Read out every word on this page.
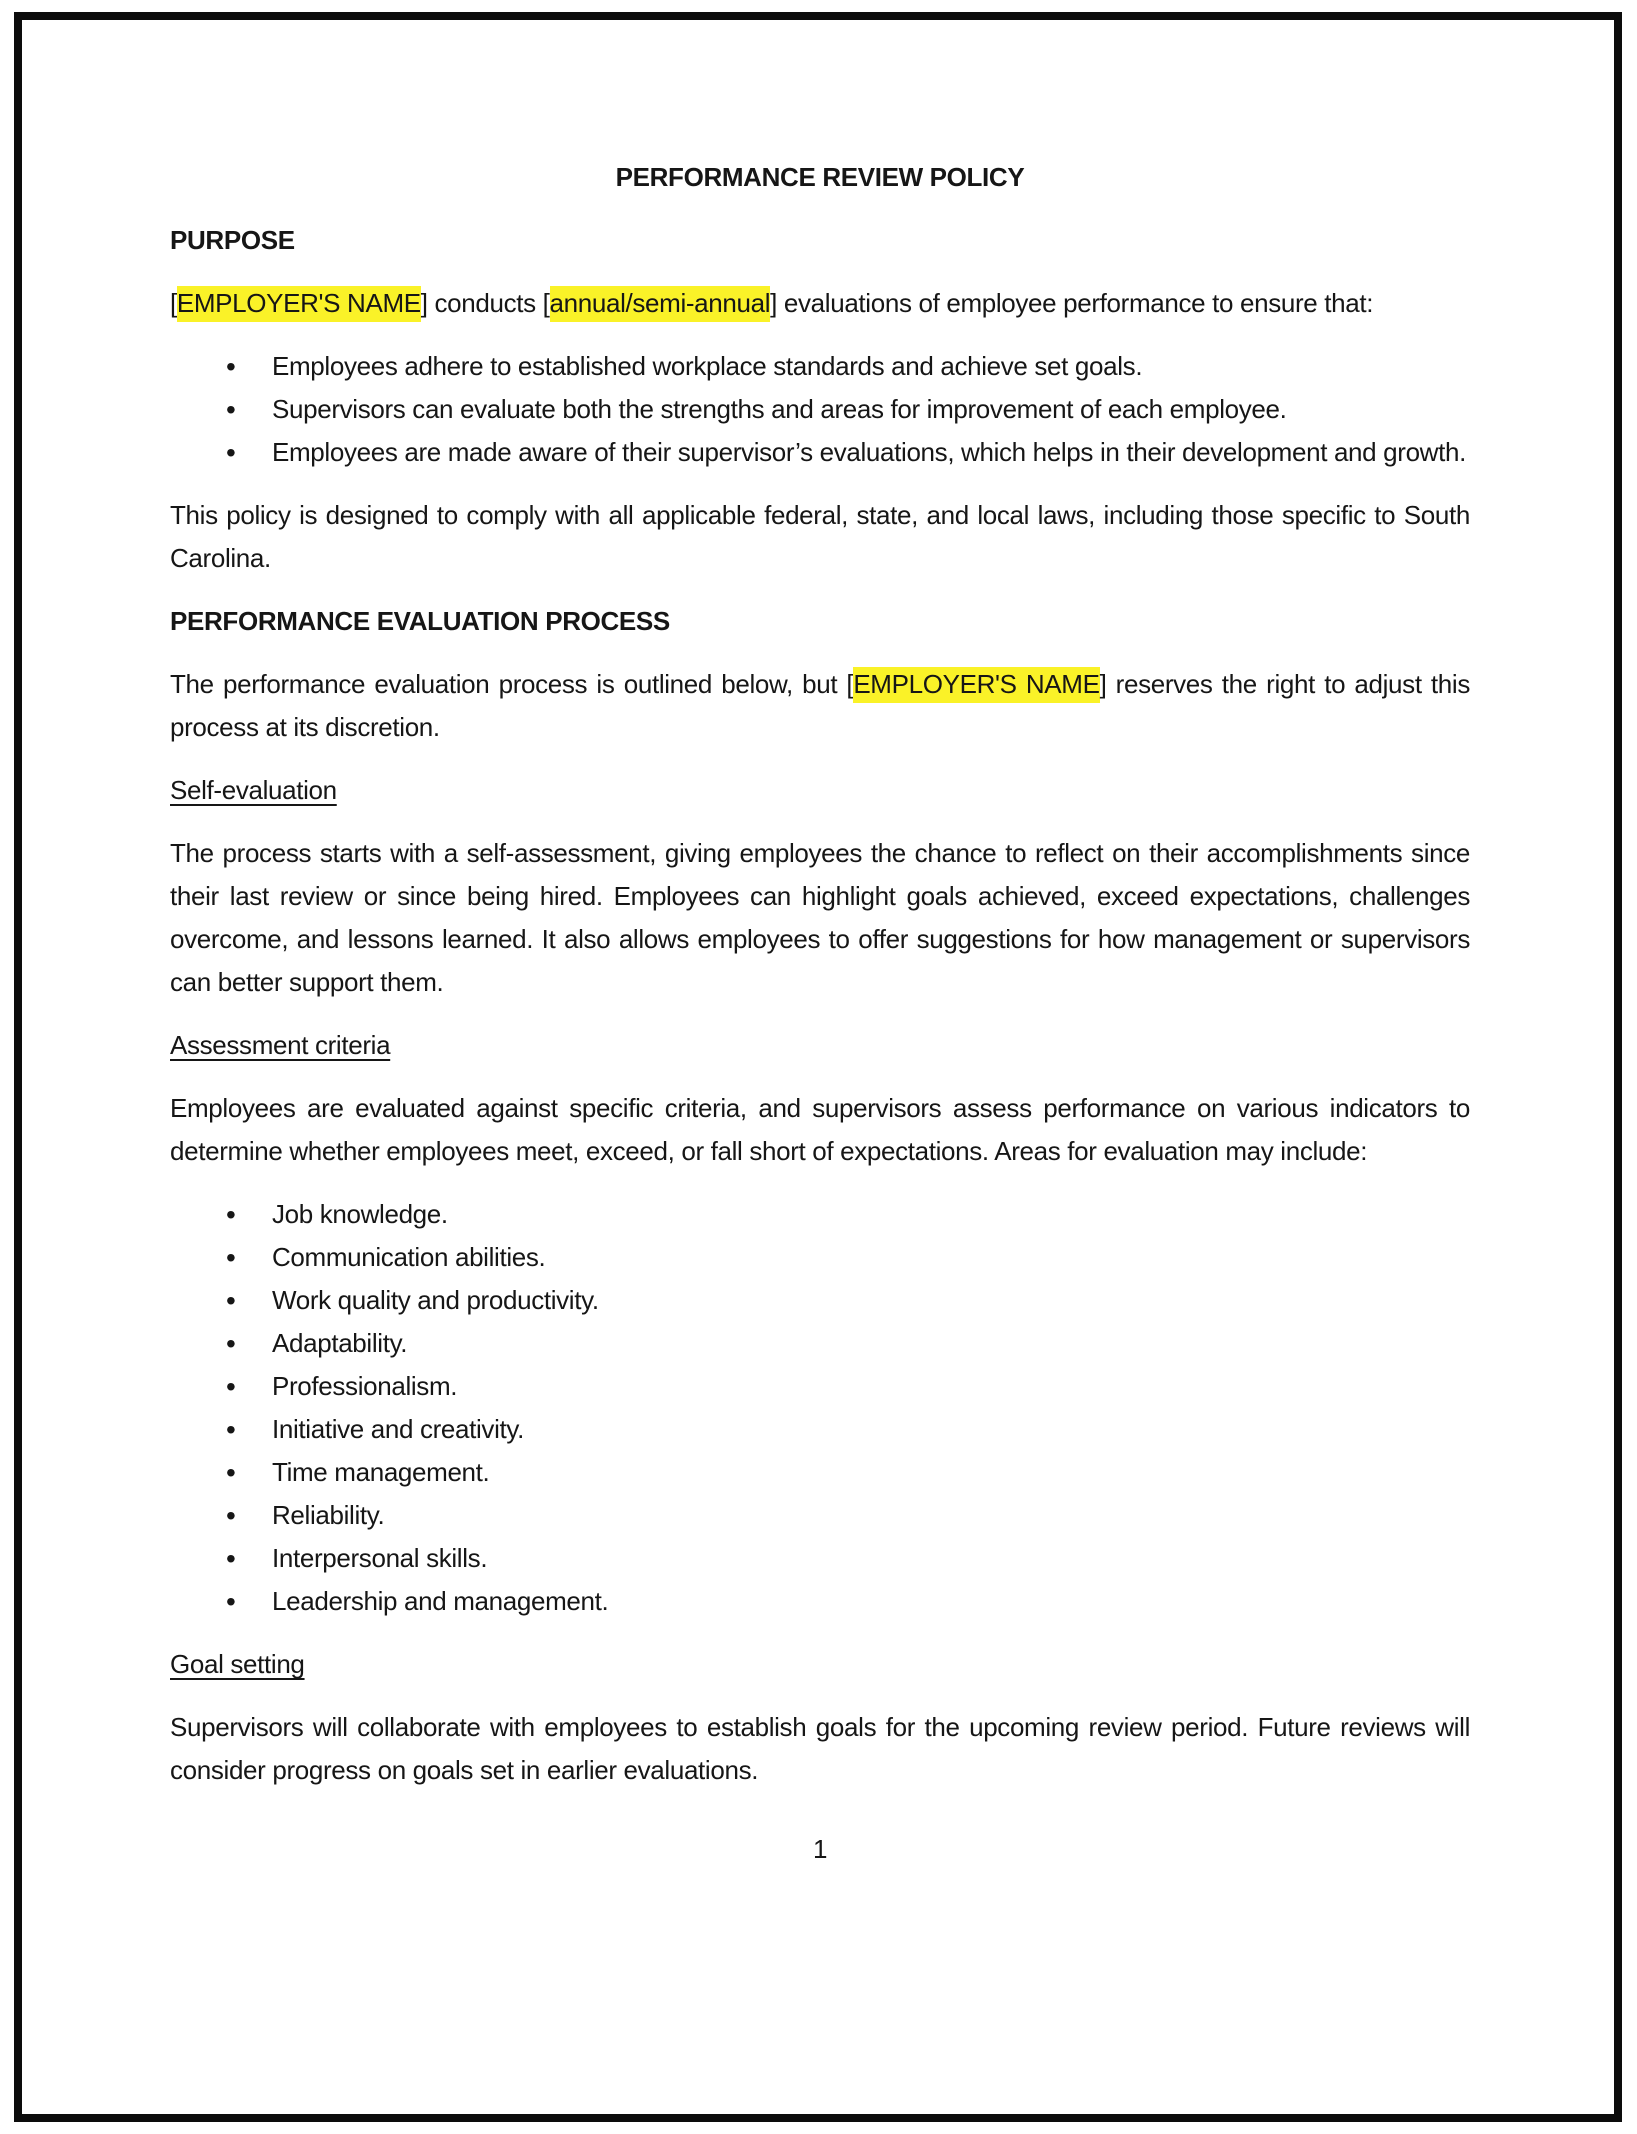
PERFORMANCE REVIEW POLICY
PURPOSE

[EMPLOYER'S NAME] conducts [annual/semi-annual] evaluations of employee performance to ensure that:

• Employees adhere to established workplace standards and achieve set goals.
• Supervisors can evaluate both the strengths and areas for improvement of each employee.
• Employees are made aware of their supervisor’s evaluations, which helps in their development and growth.

This policy is designed to comply with all applicable federal, state, and local laws, including those specific to South Carolina.

PERFORMANCE EVALUATION PROCESS

The performance evaluation process is outlined below, but [EMPLOYER'S NAME] reserves the right to adjust this process at its discretion.

Self-evaluation

The process starts with a self-assessment, giving employees the chance to reflect on their accomplishments since their last review or since being hired. Employees can highlight goals achieved, exceed expectations, challenges overcome, and lessons learned. It also allows employees to offer suggestions for how management or supervisors can better support them.

Assessment criteria

Employees are evaluated against specific criteria, and supervisors assess performance on various indicators to determine whether employees meet, exceed, or fall short of expectations. Areas for evaluation may include:

• Job knowledge.
• Communication abilities.
• Work quality and productivity.
• Adaptability.
• Professionalism.
• Initiative and creativity.
• Time management.
• Reliability.
• Interpersonal skills.
• Leadership and management.
Goal setting

Supervisors will collaborate with employees to establish goals for the upcoming review period. Future reviews will consider progress on goals set in earlier evaluations.

1
